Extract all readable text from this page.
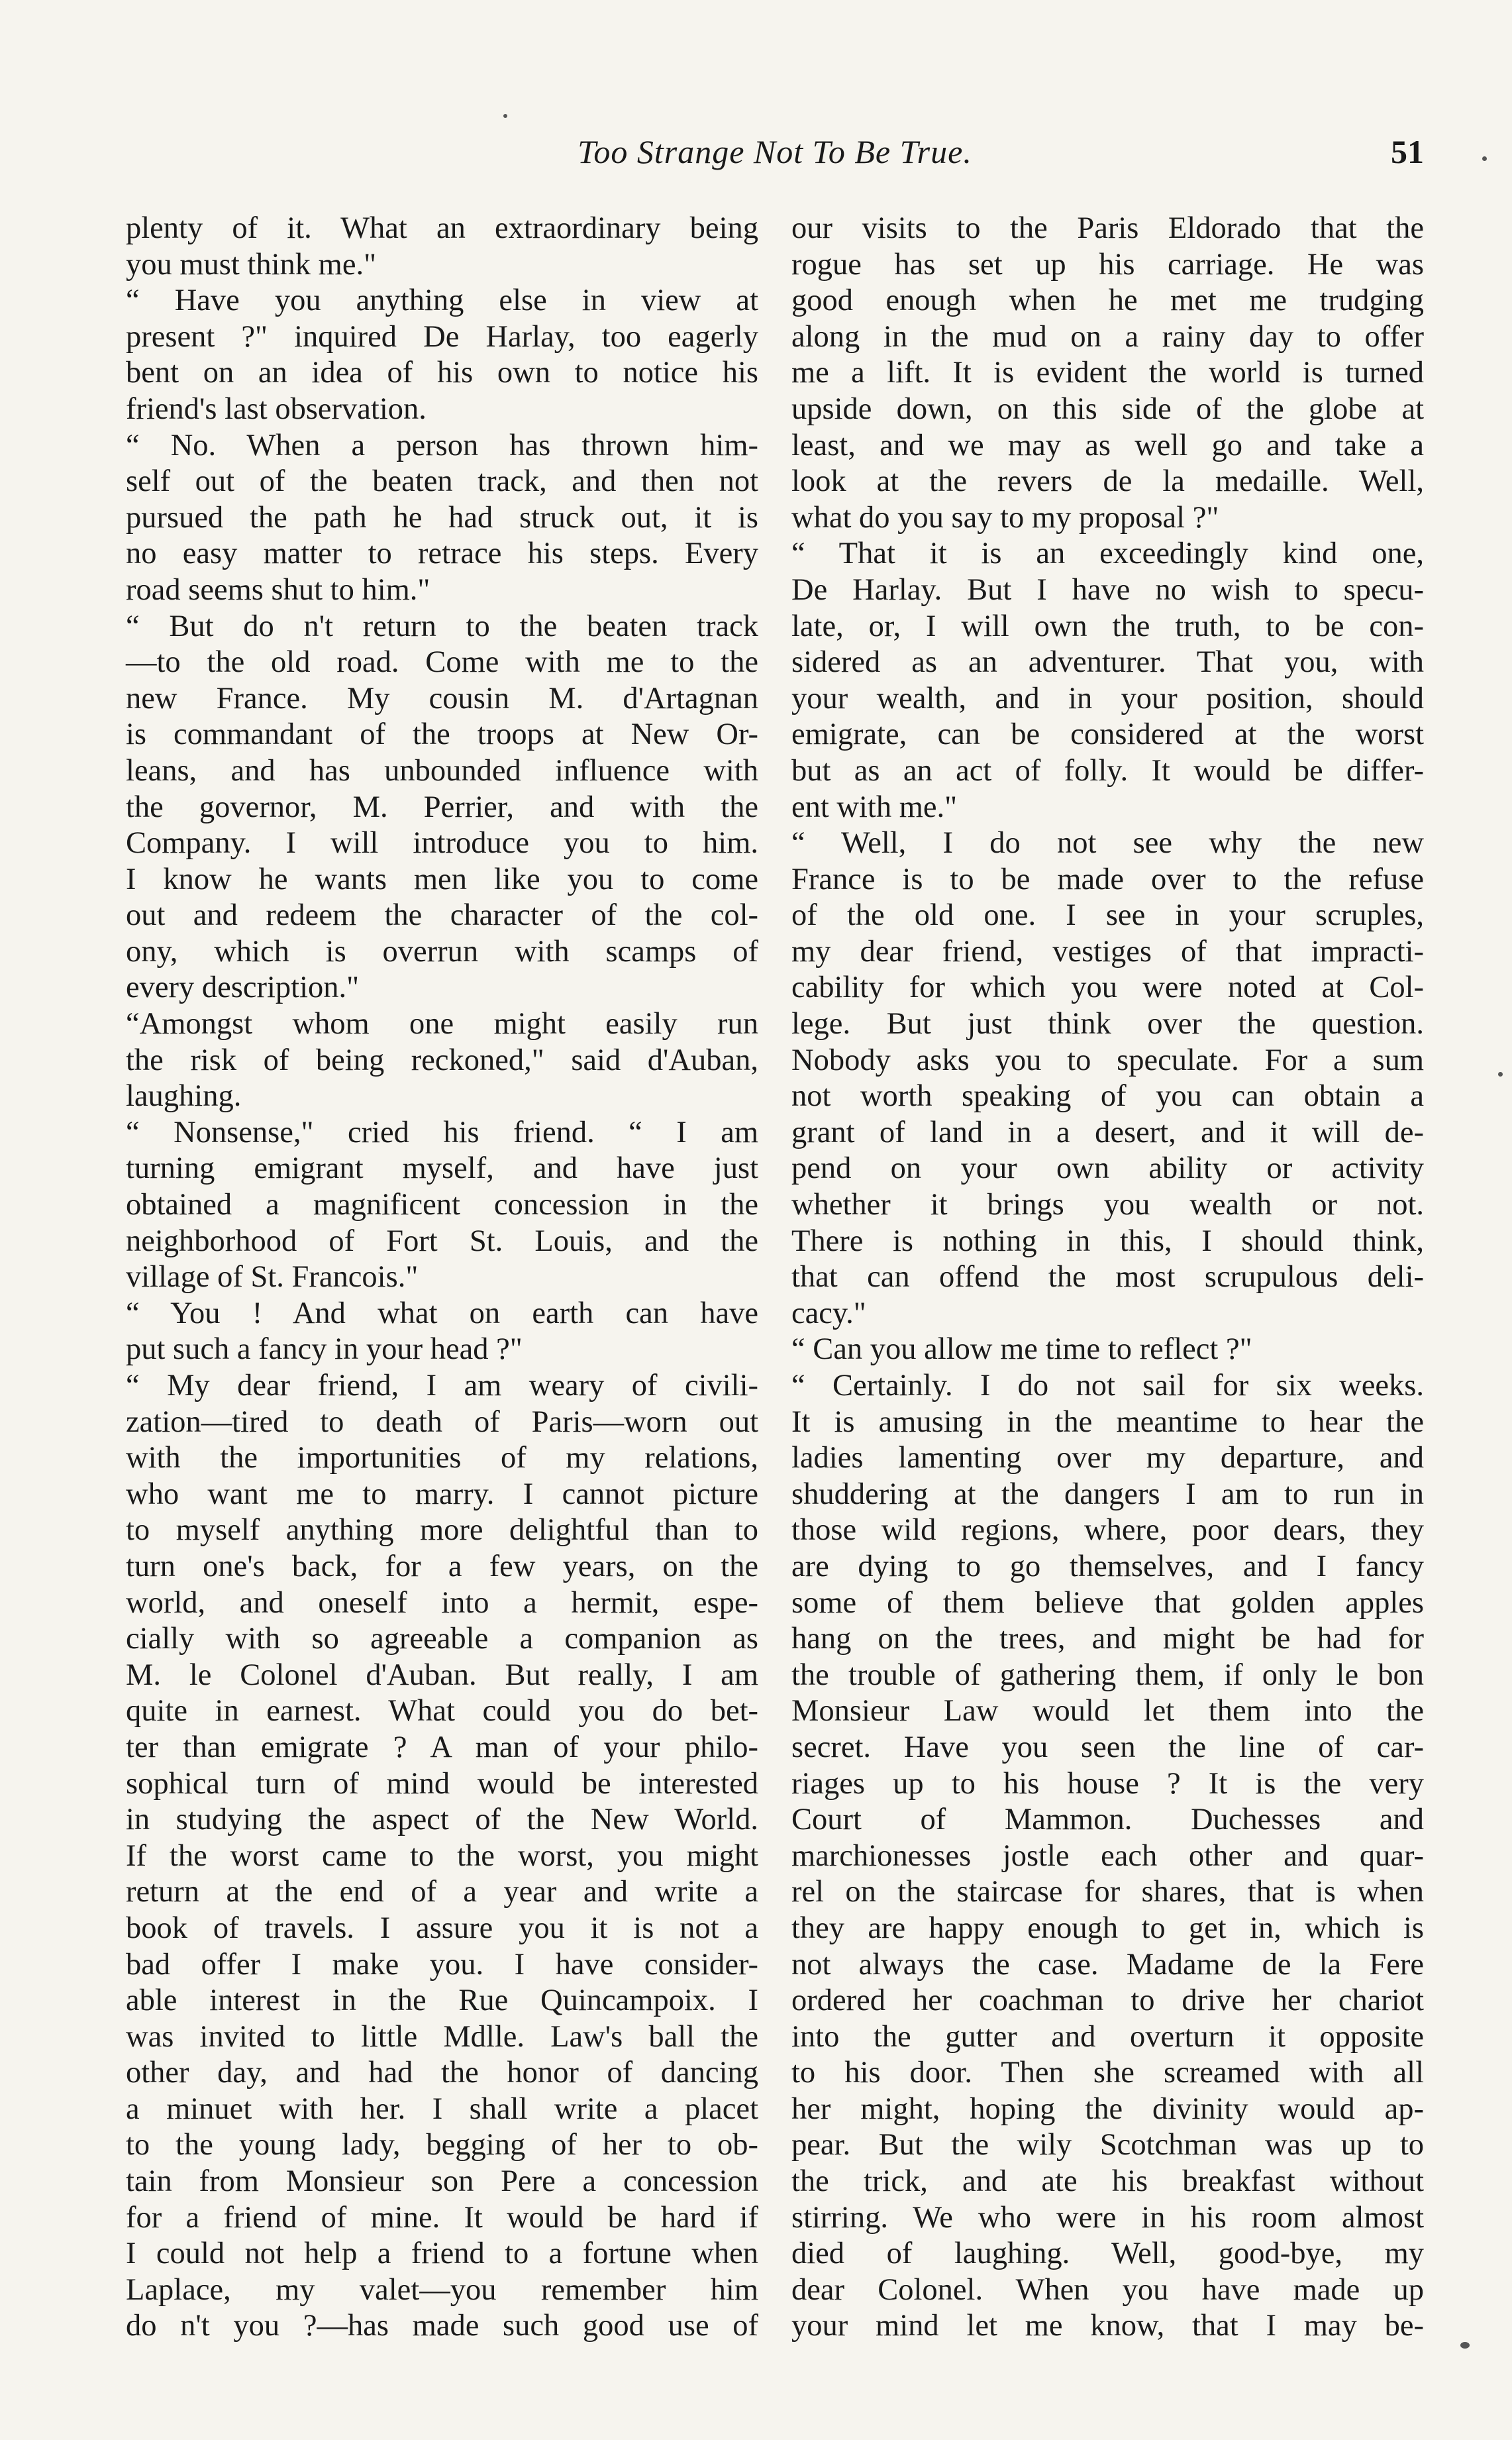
Too Strange Not To Be True.	51
plenty of it. What an extraordinary being
you must think me."
“ Have you anything else in view at
present ?" inquired De Harlay, too eagerly
bent on an idea of his own to notice his
friend's last observation.
“ No. When a person has thrown him-
self out of the beaten track, and then not
pursued the path he had struck out, it is
no easy matter to retrace his steps. Every
road seems shut to him."
“ But do n't return to the beaten track
—to the old road. Come with me to the
new France. My cousin M. d'Artagnan
is commandant of the troops at New Or-
leans, and has unbounded influence with
the governor, M. Perrier, and with the
Company. I will introduce you to him.
I know he wants men like you to come
out and redeem the character of the col-
ony, which is overrun with scamps of
every description."
“Amongst whom one might easily run
the risk of being reckoned," said d'Auban,
laughing.
“ Nonsense," cried his friend. “ I am
turning emigrant myself, and have just
obtained a magnificent concession in the
neighborhood of Fort St. Louis, and the
village of St. Francois."
“ You ! And what on earth can have
put such a fancy in your head ?"
“ My dear friend, I am weary of civili-
zation—tired to death of Paris—worn out
with the importunities of my relations,
who want me to marry. I cannot picture
to myself anything more delightful than to
turn one's back, for a few years, on the
world, and oneself into a hermit, espe-
cially with so agreeable a companion as
M. le Colonel d'Auban. But really, I am
quite in earnest. What could you do bet-
ter than emigrate ? A man of your philo-
sophical turn of mind would be interested
in studying the aspect of the New World.
If the worst came to the worst, you might
return at the end of a year and write a
book of travels. I assure you it is not a
bad offer I make you. I have consider-
able interest in the Rue Quincampoix. I
was invited to little Mdlle. Law's ball the
other day, and had the honor of dancing
a minuet with her. I shall write a placet
to the young lady, begging of her to ob-
tain from Monsieur son Pere a concession
for a friend of mine. It would be hard if
I could not help a friend to a fortune when
Laplace, my valet—you remember him
do n't you ?—has made such good use of
our visits to the Paris Eldorado that the
rogue has set up his carriage. He was
good enough when he met me trudging
along in the mud on a rainy day to offer
me a lift. It is evident the world is turned
upside down, on this side of the globe at
least, and we may as well go and take a
look at the revers de la medaille. Well,
what do you say to my proposal ?"
“ That it is an exceedingly kind one,
De Harlay. But I have no wish to specu-
late, or, I will own the truth, to be con-
sidered as an adventurer. That you, with
your wealth, and in your position, should
emigrate, can be considered at the worst
but as an act of folly. It would be differ-
ent with me."
“ Well, I do not see why the new
France is to be made over to the refuse
of the old one. I see in your scruples,
my dear friend, vestiges of that impracti-
cability for which you were noted at Col-
lege. But just think over the question.
Nobody asks you to speculate. For a sum
not worth speaking of you can obtain a
grant of land in a desert, and it will de-
pend on your own ability or activity
whether it brings you wealth or not.
There is nothing in this, I should think,
that can offend the most scrupulous deli-
cacy."
“ Can you allow me time to reflect ?"
“ Certainly. I do not sail for six weeks.
It is amusing in the meantime to hear the
ladies lamenting over my departure, and
shuddering at the dangers I am to run in
those wild regions, where, poor dears, they
are dying to go themselves, and I fancy
some of them believe that golden apples
hang on the trees, and might be had for
the trouble of gathering them, if only le bon
Monsieur Law would let them into the
secret. Have you seen the line of car-
riages up to his house ? It is the very
Court of Mammon. Duchesses and
marchionesses jostle each other and quar-
rel on the staircase for shares, that is when
they are happy enough to get in, which is
not always the case. Madame de la Fere
ordered her coachman to drive her chariot
into the gutter and overturn it opposite
to his door. Then she screamed with all
her might, hoping the divinity would ap-
pear. But the wily Scotchman was up to
the trick, and ate his breakfast without
stirring. We who were in his room almost
died of laughing. Well, good-bye, my
dear Colonel. When you have made up
your mind let me know, that I may be-
